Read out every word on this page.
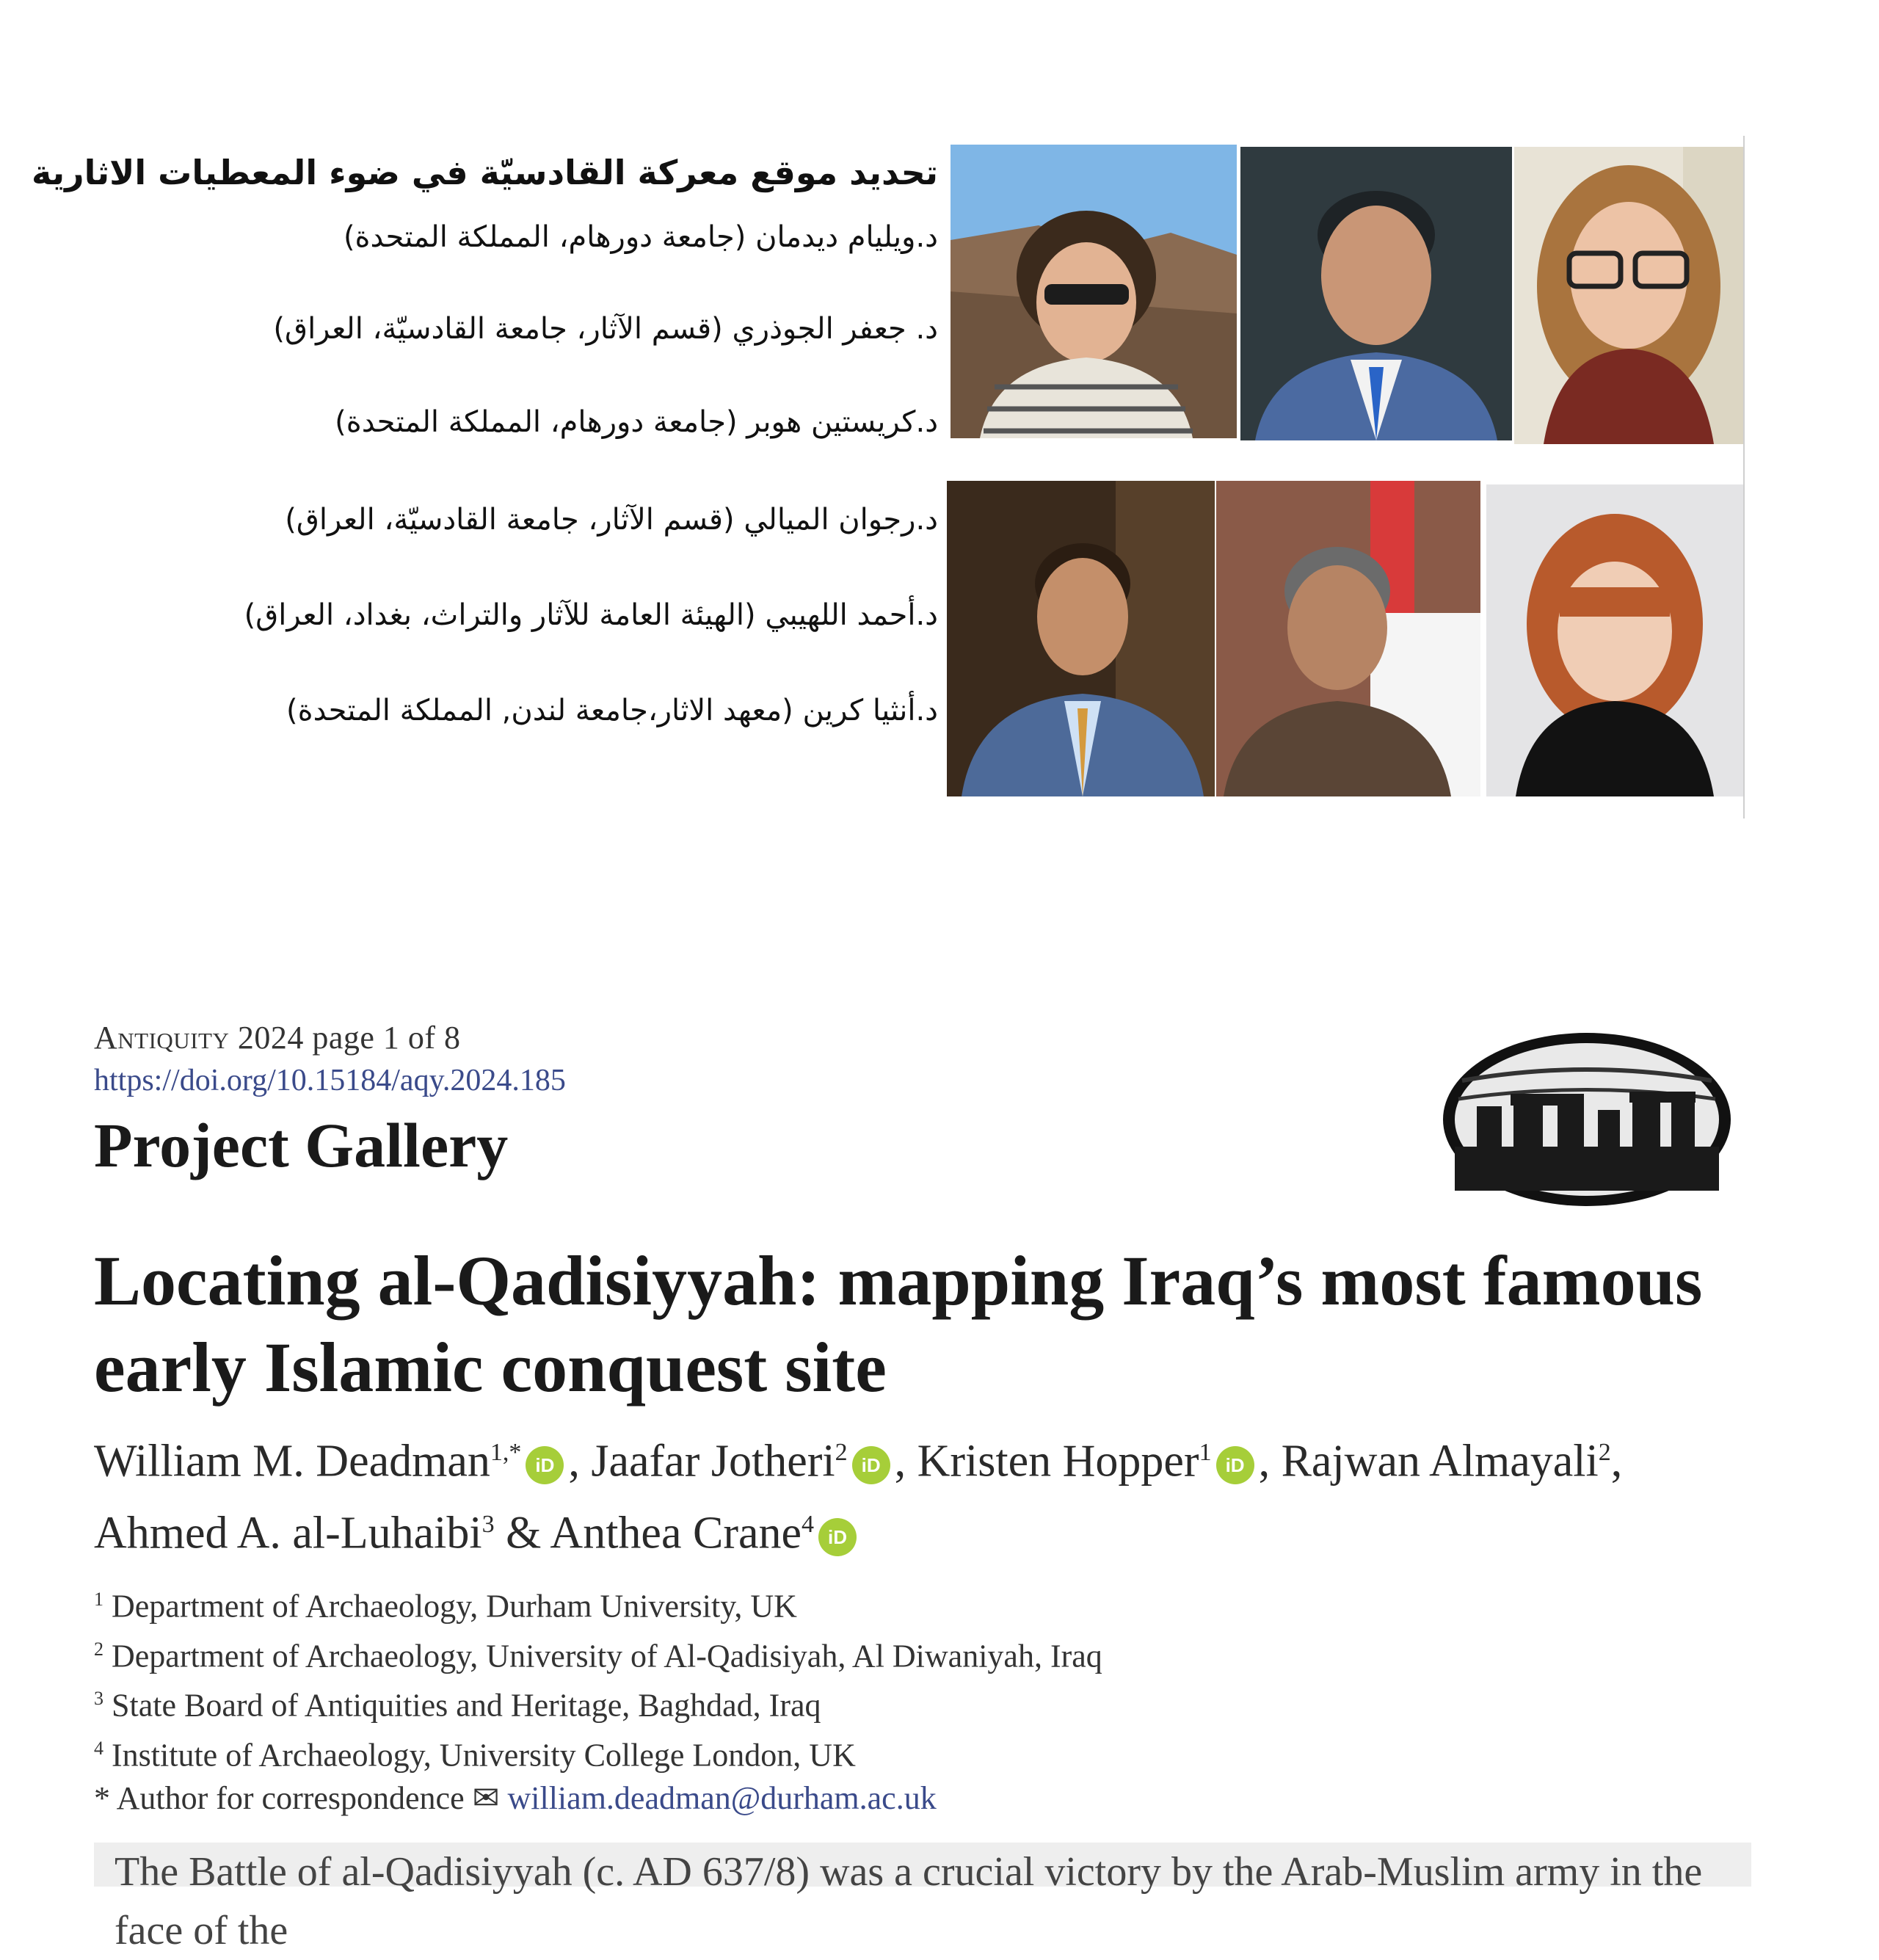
تحديد موقع معركة القادسيّة في ضوء المعطيات الاثارية
د.ويليام ديدمان (جامعة دورهام، المملكة المتحدة)
د. جعفر الجوذري (قسم الآثار، جامعة القادسيّة، العراق)
د.كريستين هوبر (جامعة دورهام، المملكة المتحدة)
د.رجوان الميالي (قسم الآثار، جامعة القادسيّة، العراق)
د.أحمد اللهيبي (الهيئة العامة للآثار والتراث، بغداد، العراق)
د.أنثيا كرين (معهد الاثار،جامعة لندن, المملكة المتحدة)
Antiquity 2024 page 1 of 8
https://doi.org/10.15184/aqy.2024.185
Project Gallery
Locating al-Qadisiyyah: mapping Iraq’s most famous early Islamic conquest site
William M. Deadman$^{1,*}$ iD , Jaafar Jotheri$^2$ iD , Kristen Hopper$^1$ iD , Rajwan Almayali$^2$,
Ahmed A. al-Luhaibi$^3$ & Anthea Crane$^4$ iD
$^1$ Department of Archaeology, Durham University, UK
$^2$ Department of Archaeology, University of Al-Qadisiyah, Al Diwaniyah, Iraq
$^3$ State Board of Antiquities and Heritage, Baghdad, Iraq
$^4$ Institute of Archaeology, University College London, UK
* Author for correspondence ✉ william.deadman@durham.ac.uk
The Battle of al-Qadisiyyah (c. AD 637/8) was a crucial victory by the Arab-Muslim army in the face of the
